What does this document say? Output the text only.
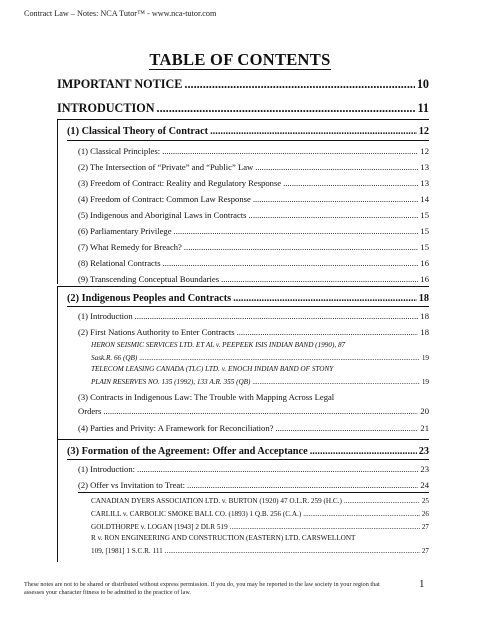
Contract Law – Notes: NCA Tutor™ - www.nca-tutor.com
TABLE OF CONTENTS
IMPORTANT NOTICE .....	10
INTRODUCTION .....	11
(1) Classical Theory of Contract .....	12
(1) Classical Principles: .....	12
(2) The Intersection of “Private” and “Public” Law .....	13
(3) Freedom of Contract: Reality and Regulatory Response .....	13
(4) Freedom of Contract: Common Law Response .....	14
(5) Indigenous and Aboriginal Laws in Contracts .....	15
(6) Parliamentary Privilege .....	15
(7) What Remedy for Breach? .....	15
(8) Relational Contracts .....	16
(9) Transcending Conceptual Boundaries .....	16
(2) Indigenous Peoples and Contracts .....	18
(1) Introduction .....	18
(2) First Nations Authority to Enter Contracts .....	18
HERON SEISMIC SERVICES LTD. ET AL v. PEEPEEK ISIS INDIAN BAND (1990), 87
Sask.R. 66 (QB) .....	19
TELECOM LEASING CANADA (TLC) LTD. v. ENOCH INDIAN BAND OF STONY
PLAIN RESERVES NO. 135 (1992), 133 A.R. 355 (QB) .....	19
(3) Contracts in Indigenous Law: The Trouble with Mapping Across Legal
Orders .....	20
(4) Parties and Privity: A Framework for Reconciliation? .....	21
(3) Formation of the Agreement: Offer and Acceptance .....	23
(1) Introduction: .....	23
(2) Offer vs Invitation to Treat: .....	24
CANADIAN DYERS ASSOCIATION LTD. v. BURTON (1920) 47 O.L.R. 259 (H.C.) .....	25
CARLILL v. CARBOLIC SMOKE BALL CO. (1893) 1 Q.B. 256 (C.A.) .....	26
GOLDTHORPE v. LOGAN [1943] 2 DLR 519 .....	27
R v. RON ENGINEERING AND CONSTRUCTION (EASTERN) LTD. CARSWELLONT
109, [1981] 1 S.C.R. 111 .....	27
These notes are not to be shared or distributed without express permission. If you do, you may be reported to the law society in your region that assesses your character fitness to be admitted to the practice of law.
1
